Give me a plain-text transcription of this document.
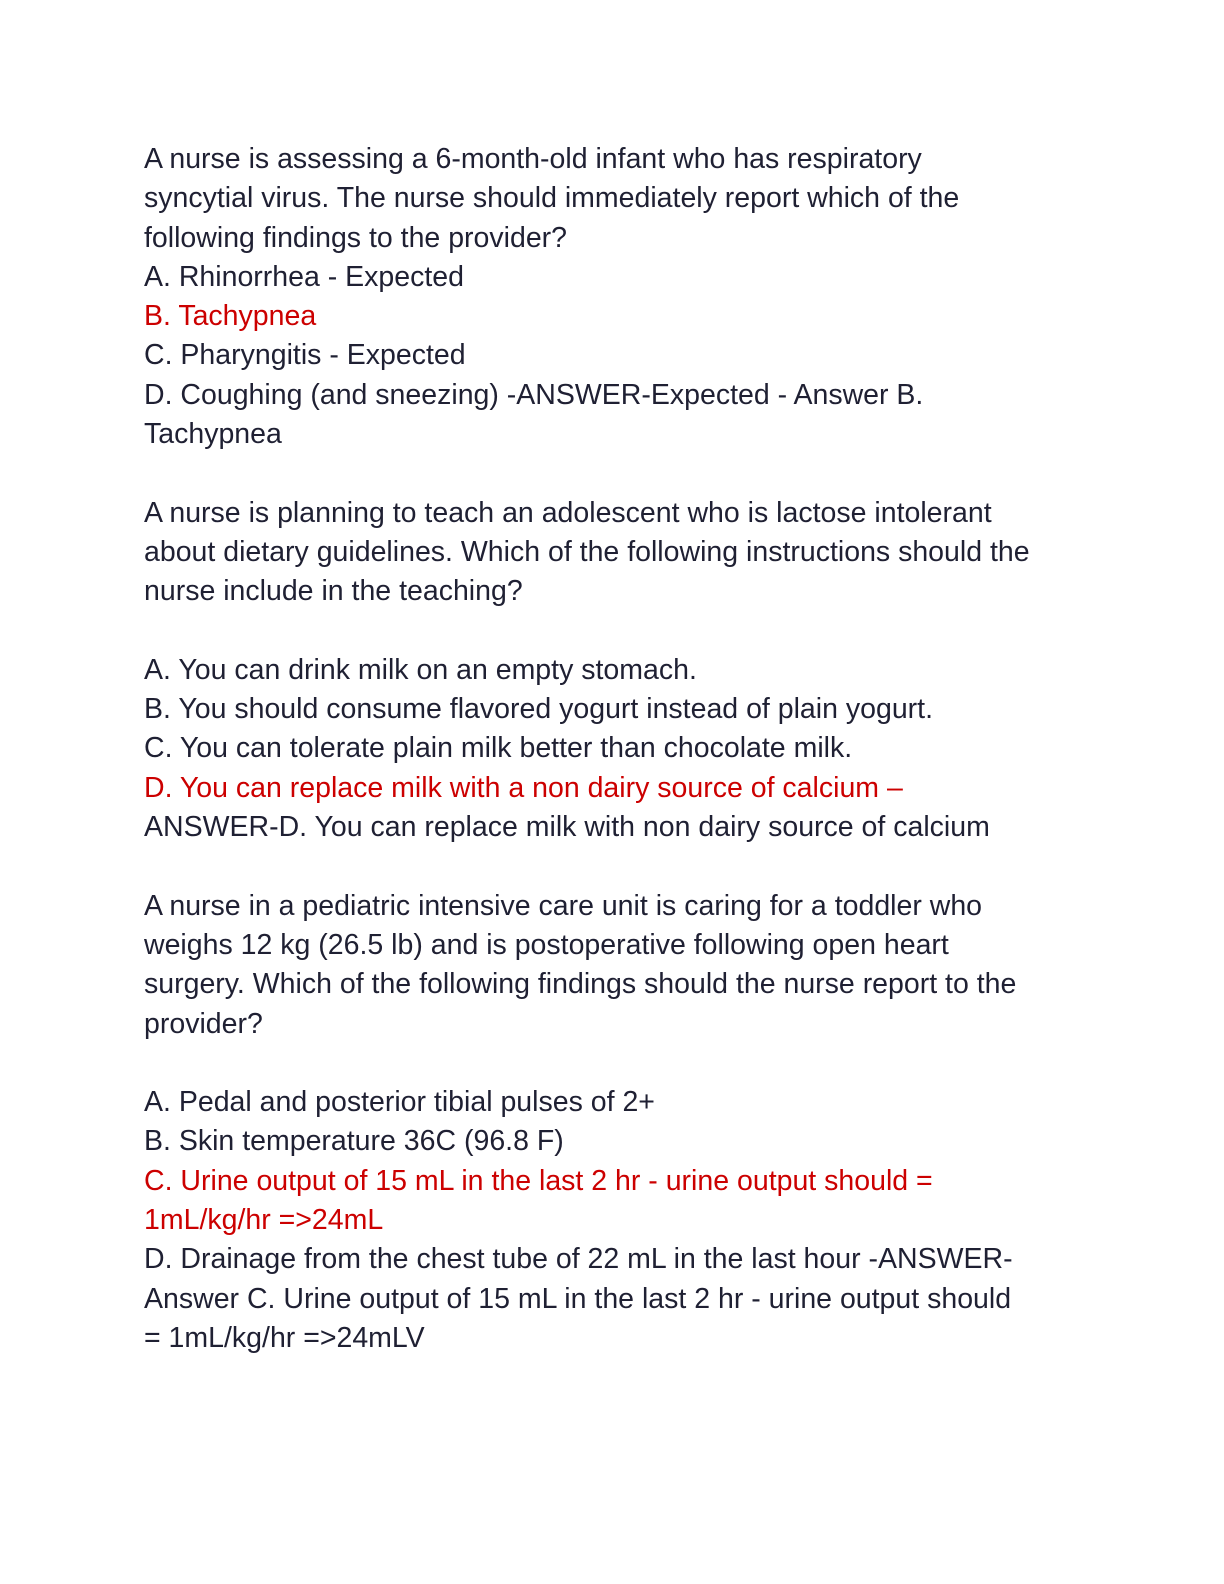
A nurse is assessing a 6-month-old infant who has respiratory
syncytial virus. The nurse should immediately report which of the
following findings to the provider?
A. Rhinorrhea - Expected
B. Tachypnea
C. Pharyngitis - Expected
D. Coughing (and sneezing) -ANSWER-Expected - Answer B.
Tachypnea
A nurse is planning to teach an adolescent who is lactose intolerant
about dietary guidelines. Which of the following instructions should the
nurse include in the teaching?
A. You can drink milk on an empty stomach.
B. You should consume flavored yogurt instead of plain yogurt.
C. You can tolerate plain milk better than chocolate milk.
D. You can replace milk with a non dairy source of calcium –
ANSWER-D. You can replace milk with non dairy source of calcium
A nurse in a pediatric intensive care unit is caring for a toddler who
weighs 12 kg (26.5 lb) and is postoperative following open heart
surgery. Which of the following findings should the nurse report to the
provider?
A. Pedal and posterior tibial pulses of 2+
B. Skin temperature 36C (96.8 F)
C. Urine output of 15 mL in the last 2 hr - urine output should =
1mL/kg/hr =>24mL
D. Drainage from the chest tube of 22 mL in the last hour -ANSWER-
Answer C. Urine output of 15 mL in the last 2 hr - urine output should
= 1mL/kg/hr =>24mLV
